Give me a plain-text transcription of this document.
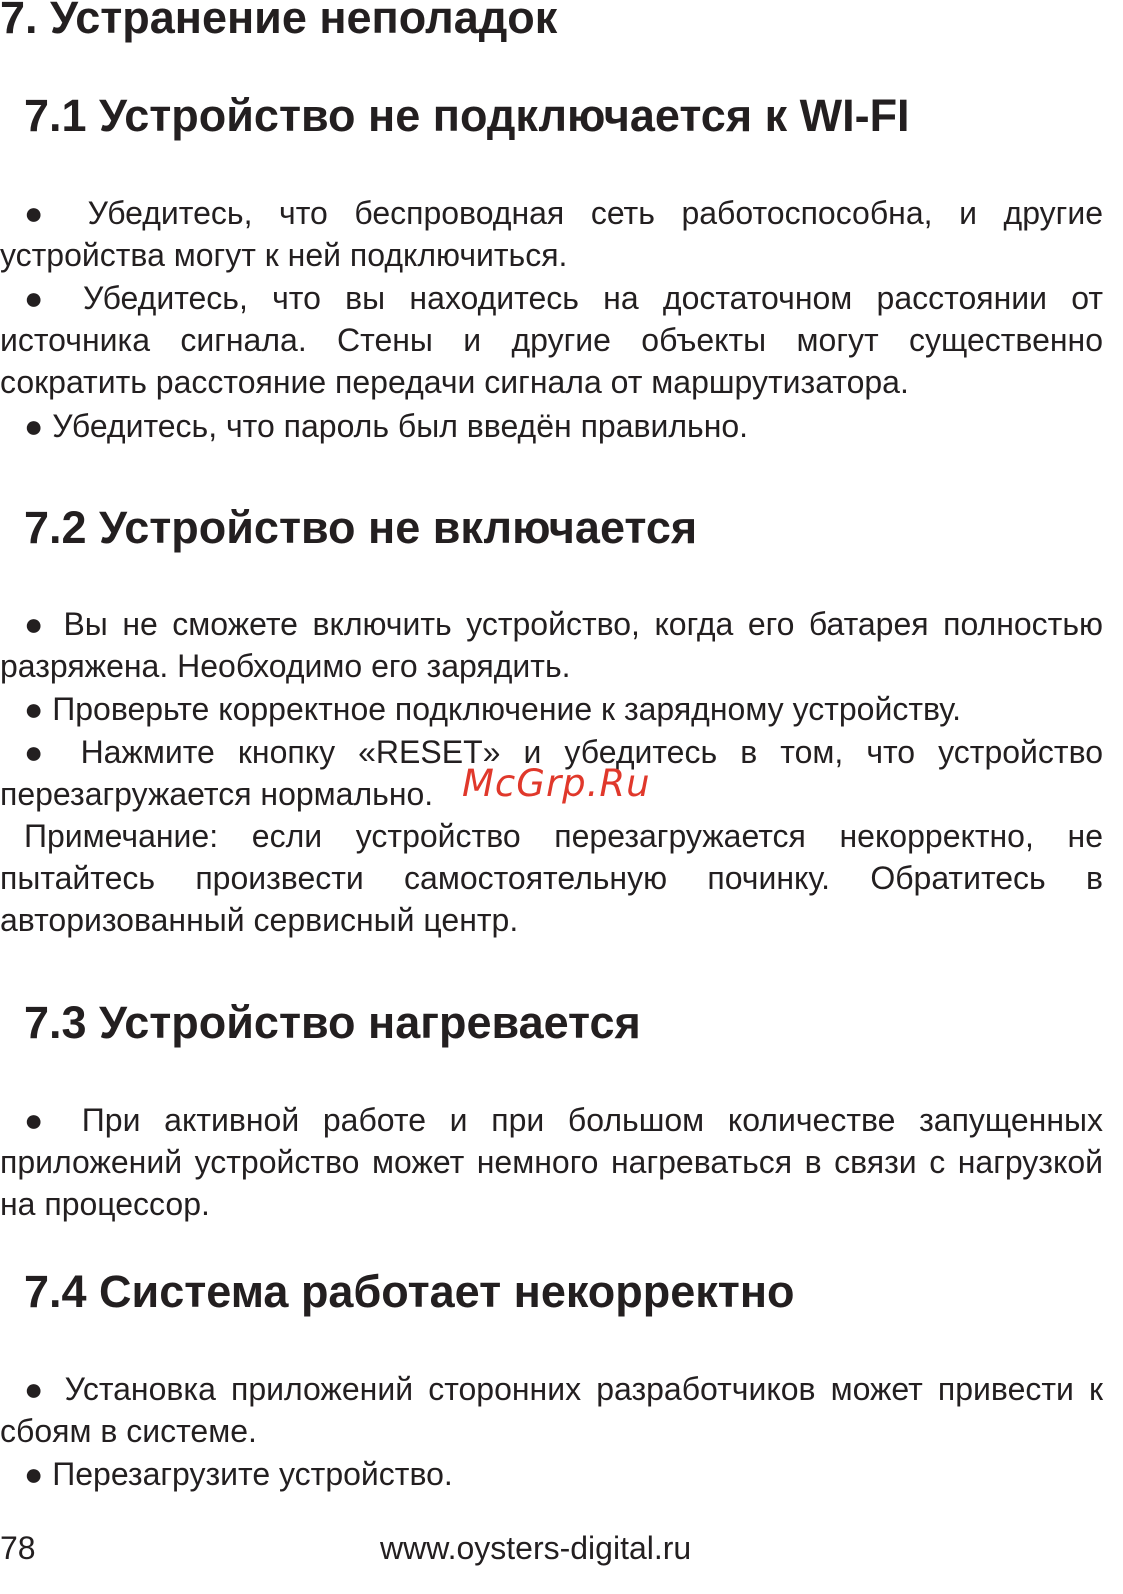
7. Устранение неполадок
7.1 Устройство не подключается к WI-FI

● Убедитесь, что беспроводная сеть работоспособна, и другие устройства могут к ней подключиться.

● Убедитесь, что вы находитесь на достаточном расстоянии от источника сигнала. Стены и другие объекты могут существенно сократить расстояние передачи сигнала от маршрутизатора.

● Убедитесь, что пароль был введён правильно.

7.2 Устройство не включается

● Вы не сможете включить устройство, когда его батарея полностью разряжена. Необходимо его зарядить.

● Проверьте корректное подключение к зарядному устройству.

● Нажмите кнопку «RESET» и убедитесь в том, что устройство перезагружается нормально.

Примечание: если устройство перезагружается некорректно, не пытайтесь произвести самостоятельную починку. Обратитесь в авторизованный сервисный центр.

7.3 Устройство нагревается

● При активной работе и при большом количестве запущенных приложений устройство может немного нагреваться в связи с нагрузкой на процессор.

7.4 Система работает некорректно

● Установка приложений сторонних разработчиков может привести к сбоям в системе.

● Перезагрузите устройство.

McGrp.Ru
78	www.oysters-digital.ru
